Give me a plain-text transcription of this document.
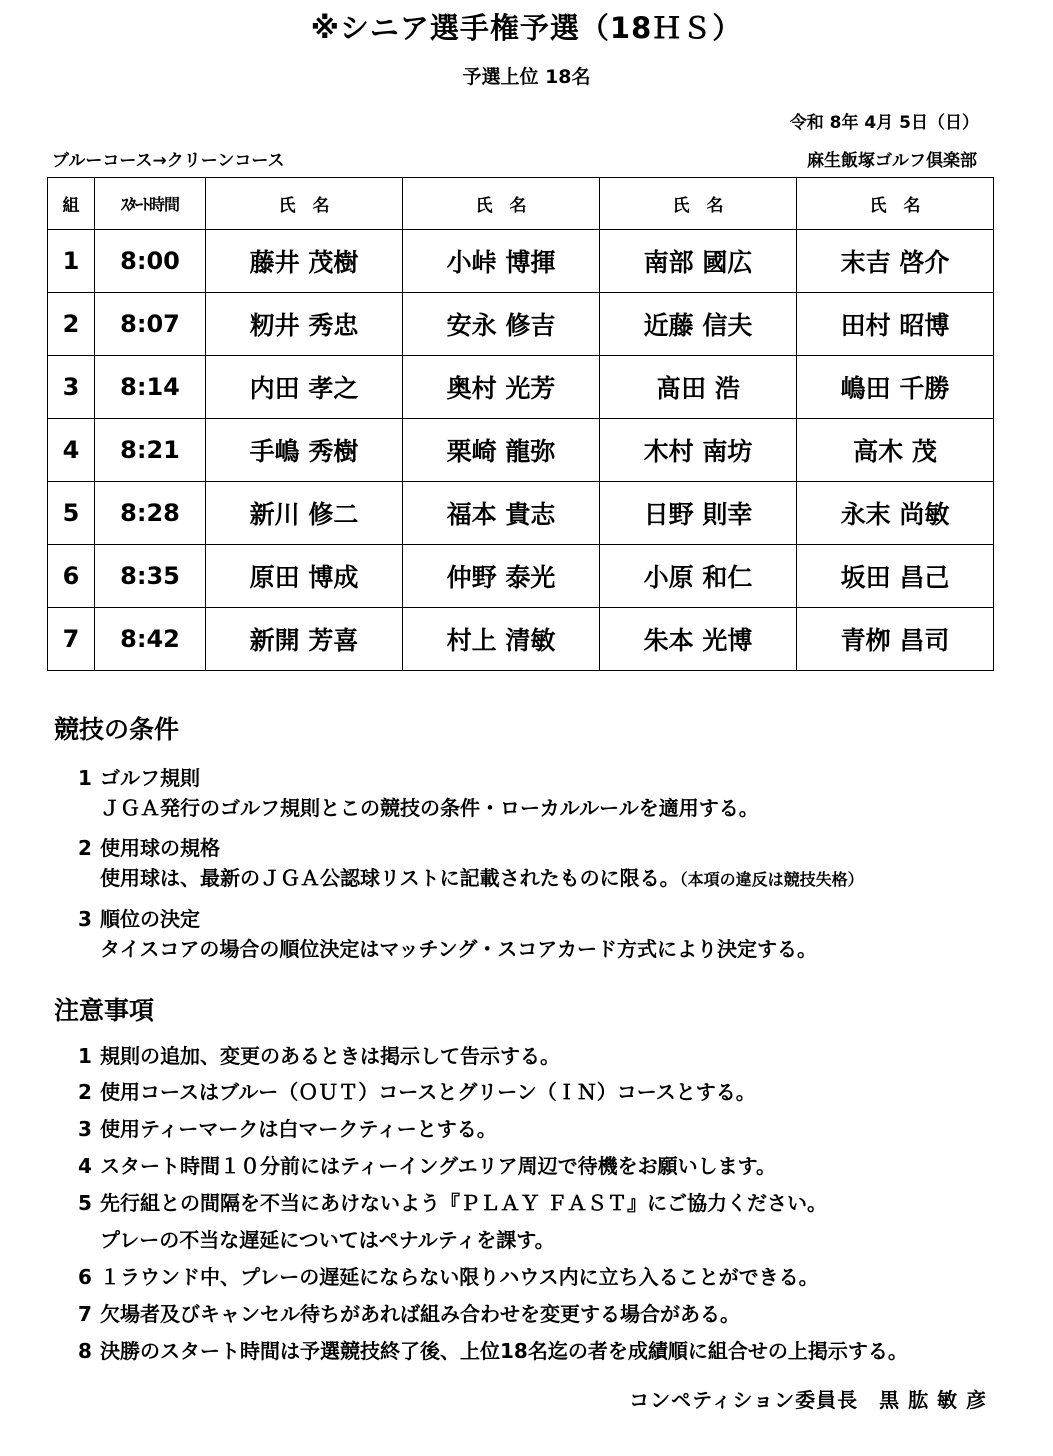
※シニア選手権予選（18ＨＳ）
予選上位 18名
令和 8年 4月 5日（日）
ブルーコース→クリーンコース	麻生飯塚ゴルフ倶楽部
組	ｽﾀｰﾄ時間	氏　名	氏　名	氏　名	氏　名
1	8:00	藤井 茂樹	小峠 博揮	南部 國広	末吉 啓介
2	8:07	籾井 秀忠	安永 修吉	近藤 信夫	田村 昭博
3	8:14	内田 孝之	奥村 光芳	髙田 浩	嶋田 千勝
4	8:21	手嶋 秀樹	栗崎 龍弥	木村 南坊	高木 茂
5	8:28	新川 修二	福本 貴志	日野 則幸	永末 尚敏
6	8:35	原田 博成	仲野 泰光	小原 和仁	坂田 昌己
7	8:42	新開 芳喜	村上 清敏	朱本 光博	青栁 昌司
競技の条件
1 ゴルフ規則
ＪＧＡ発行のゴルフ規則とこの競技の条件・ローカルルールを適用する。
2 使用球の規格
使用球は、最新のＪＧＡ公認球リストに記載されたものに限る。（本項の違反は競技失格）
3 順位の決定
タイスコアの場合の順位決定はマッチング・スコアカード方式により決定する。
注意事項
1 規則の追加、変更のあるときは掲示して告示する。
2 使用コースはブルー（ＯＵＴ）コースとグリーン（ＩＮ）コースとする。
3 使用ティーマークは白マークティーとする。
4 スタート時間１０分前にはティーイングエリア周辺で待機をお願いします。
5 先行組との間隔を不当にあけないよう『ＰＬＡＹ ＦＡＳＴ』にご協力ください。
プレーの不当な遅延についてはペナルティを課す。
6 １ラウンド中、プレーの遅延にならない限りハウス内に立ち入ることができる。
7 欠場者及びキャンセル待ちがあれば組み合わせを変更する場合がある。
8 決勝のスタート時間は予選競技終了後、上位18名迄の者を成績順に組合せの上掲示する。
コンペティション委員長　黒 肱 敏 彦
